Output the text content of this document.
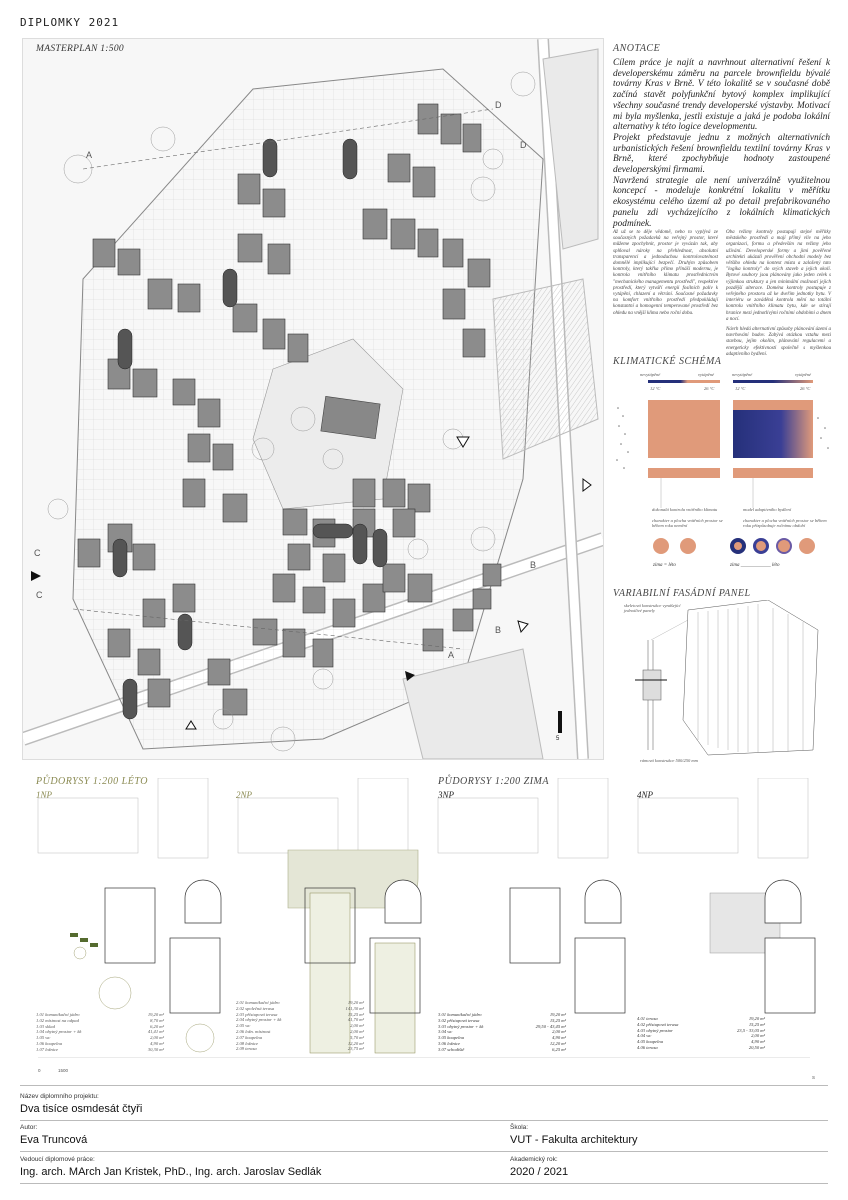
DIPLOMKY 2021
MASTERPLAN 1:500
A
A
B
B
C
C
D
D
5
ANOTACE

Cílem práce je najít a navrhnout alternativní řešení k developerskému záměru na parcele brownfieldu bývalé továrny Kras v Brně. V této lokalitě se v současné době začíná stavět polyfunkční bytový komplex implikující všechny současné trendy developerské výstavby. Motivací mi byla myšlenka, jestli existuje a jaká je podoba lokální alternativy k této logice developmentu.

Projekt představuje jednu z možných alternativních urbanistických řešení brownfieldu textilní továrny Kras v Brně, které zpochybňuje hodnoty zastoupené developerskými firmami.

Navržená strategie ale není univerzálně využitelnou koncepcí - modeluje konkrétní lokalitu v měřítku ekosystému celého území až po detail prefabrikovaného panelu zdi vycházejícího z lokálních klimatických podmínek.

Až už se to děje vědomě, nebo to vyplývá ze současných požadavků na veřejný prostor, které můžeme zpochybnit, prostor je vyvázán tak, aby splňoval nároky na přehlednost, absolutní transparenci a jednoduchou kontrolovatelnost domnělé implikující bezpečí. Druhým způsobem kontroly, který takřka přímo přináší modernu, je kontrola vnitřního klimatu prostřednictvím "mechanického managementu prostředí", respektive prostředí, který vytváří energii fosilních paliv k vytápění, chlazení a větrání. Současné požadavky na komfort vnitřního prostředí předpokládají konstantní a homogenní temperované prostředí bez ohledu na vnější klima nebo roční dobu.
Oba režimy kontroly postupují stejné měřítky městského prostředí a mají přímý vliv na jeho organizaci, formu a především na režimy jeho užívání. Developerské formy a jimi pověřené architekti ukázali prověření obchodní modely bez většího ohledu na kontext místa a založený tato "logika kontroly" do svých staveb a jejich okolí. Bytové soubory jsou plánovány jako jeden celek s výjimkou struktury a jen minimální možností jejich pozdější alterace. Doména kontroly postupuje z veřejného prostoru až ke dveřím jednotky bytu. V interiéru se zaváděná kontrola mění na totální kontrolu vnitřního klimatu bytu, kde se stírají hranice mezi jednotlivými ročními obdobími a dnem a nocí.
Návrh hledá alternativní způsoby plánování území a navrhování budov. Zabývá otázkou vztahu mezi stavbou, jejím okolím, plánování regulacemi a energeticky efektivnosti společně s myšlenkou adaptivního bydlení.
KLIMATICKÉ SCHÉMA
nevytápěné	vytápěné	nevytápěné	vytápěné
12 °C	26 °C	12 °C	26 °C
dokonalá kontrola vnitřního klimatu	model adaptivního bydlení
charakter a plocha vnitřních prostor se během roku nemění
charakter a plocha vnitřních prostor se během roku přizpůsobuje ročnímu období
zima = léto	zima ____________ léto
VARIABILNÍ FASÁDNÍ PANEL
skeletová konstrukce vynášející jednotlivé panely
rámová konstrukce 500/250 mm
PŮDORYSY 1:200 LÉTO	PŮDORYSY 1:200 ZIMA
1NP	2NP	3NP	4NP
1.01 komunikační jádro	19,20 m²
1.02 místnost na odpad	8,70 m²
1.03 sklad	6,20 m²
1.04 obytný prostor + kk	41,41 m²
1.05 wc	2,00 m²
1.06 koupelna	4,90 m²
1.07 ložnice	30,30 m²
2.01 komunikační jádro	19,20 m²
2.02 společná terasa	141,30 m²
2.03 přístupová terasa	15,25 m²
2.04 obytný prostor + kk	41,70 m²
2.05 wc	2,00 m²
2.06 ložn. místnost	2,00 m²
2.07 koupelna	5,70 m²
2.08 ložnice	12,20 m²
2.09 terasa	23,75 m²
3.01 komunikační jádro	19,20 m²
3.02 přístupová terasa	15,25 m²
3.03 obytný prostor + kk	29,50 - 43,45 m²
3.04 wc	2,00 m²
3.05 koupelna	4,90 m²
3.06 ložnice	12,20 m²
3.07 schodiště	6,25 m²
4.01 terasa	19,20 m²
4.02 přístupová terasa	15,25 m²
4.03 obytný prostor	23,5 - 33,05 m²
4.04 wc	2,00 m²
4.05 koupelna	4,90 m²
4.06 terasa	20,50 m²
0	1500
S
Název diplomního projektu:
Dva tisíce osmdesát čtyři
Autor:
Eva Truncová
Škola:
VUT - Fakulta architektury
Vedoucí diplomové práce:
Ing. arch. MArch Jan Kristek, PhD., Ing. arch. Jaroslav Sedlák
Akademický rok:
2020 / 2021
